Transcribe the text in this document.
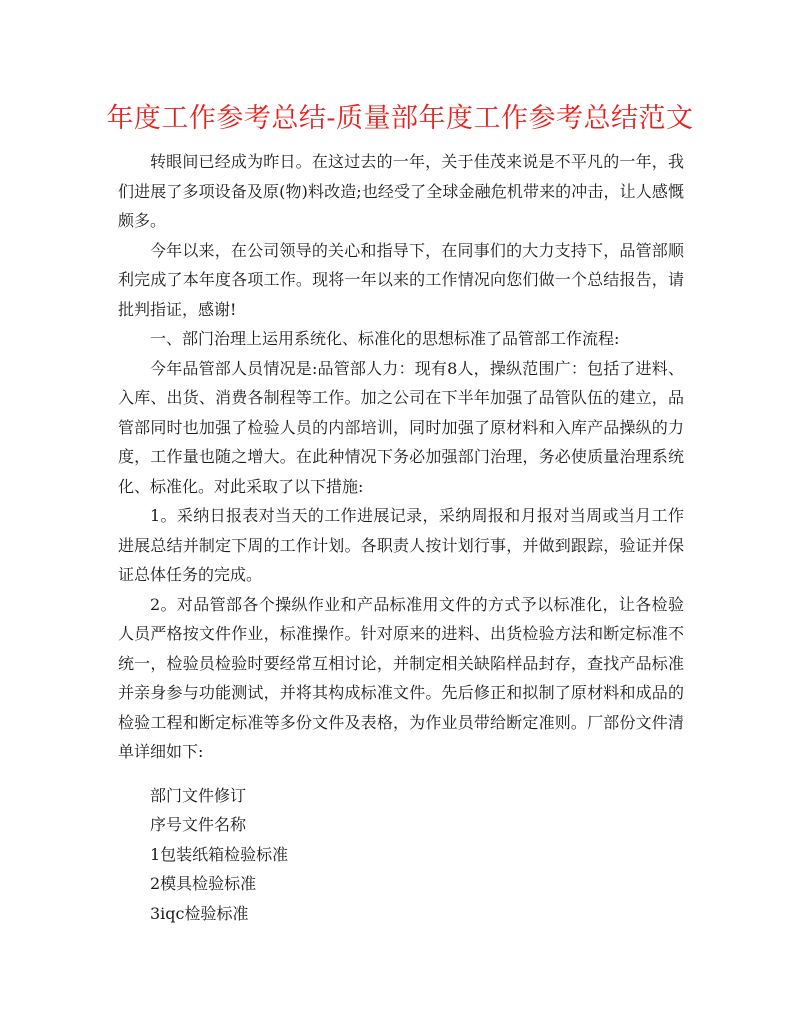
年度工作参考总结-质量部年度工作参考总结范文

转眼间已经成为昨日。在这过去的一年，关于佳茂来说是不平凡的一年，我们进展了多项设备及原(物)料改造;也经受了全球金融危机带来的冲击，让人感慨颇多。

今年以来，在公司领导的关心和指导下，在同事们的大力支持下，品管部顺利完成了本年度各项工作。现将一年以来的工作情况向您们做一个总结报告，请批判指证，感谢!

一、部门治理上运用系统化、标准化的思想标准了品管部工作流程:

今年品管部人员情况是:品管部人力：现有8人，操纵范围广：包括了进料、入库、出货、消费各制程等工作。加之公司在下半年加强了品管队伍的建立，品管部同时也加强了检验人员的内部培训，同时加强了原材料和入库产品操纵的力度，工作量也随之增大。在此种情况下务必加强部门治理，务必使质量治理系统化、标准化。对此采取了以下措施:

1。采纳日报表对当天的工作进展记录，采纳周报和月报对当周或当月工作进展总结并制定下周的工作计划。各职责人按计划行事，并做到跟踪，验证并保证总体任务的完成。

2。对品管部各个操纵作业和产品标准用文件的方式予以标准化，让各检验人员严格按文件作业，标准操作。针对原来的进料、出货检验方法和断定标准不统一，检验员检验时要经常互相讨论，并制定相关缺陷样品封存，查找产品标准并亲身参与功能测试，并将其构成标准文件。先后修正和拟制了原材料和成品的检验工程和断定标准等多份文件及表格，为作业员带给断定准则。厂部份文件清单详细如下:

部门文件修订

序号文件名称

1包装纸箱检验标准

2模具检验标准

3iqc检验标准
